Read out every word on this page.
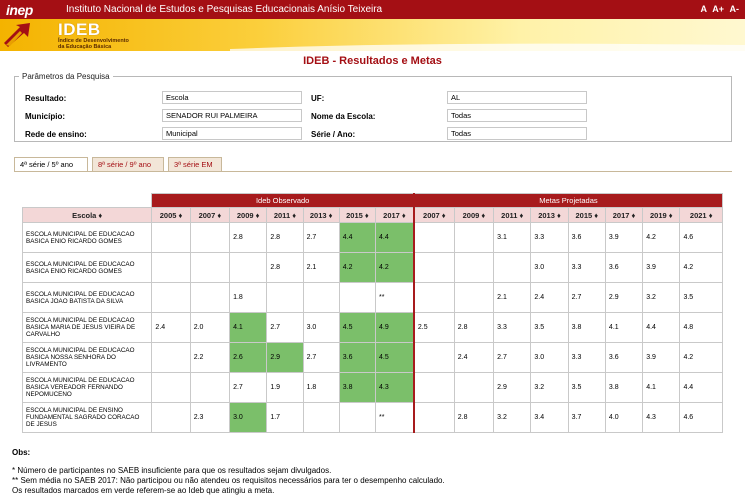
inep	Instituto Nacional de Estudos e Pesquisas Educacionais Anísio Teixeira	A A+ A-
IDEB
Índice de Desenvolvimento
da Educação Básica
IDEB - Resultados e Metas
Parâmetros da Pesquisa
Resultado:	Escola	UF:	AL
Município:	SENADOR RUI PALMEIRA	Nome da Escola:	Todas
Rede de ensino:	Municipal	Série / Ano:	Todas
4ª série / 5º ano	8ª série / 9º ano	3ª série EM
	Ideb Observado							Metas Projetadas							
Escola ♦	2005 ♦	2007 ♦	2009 ♦	2011 ♦	2013 ♦	2015 ♦	2017 ♦	2007 ♦	2009 ♦	2011 ♦	2013 ♦	2015 ♦	2017 ♦	2019 ♦	2021 ♦
ESCOLA MUNICIPAL DE EDUCACAO BASICA ENIO RICARDO GOMES			2.8	2.8	2.7	4.4	4.4			3.1	3.3	3.6	3.9	4.2	4.6
ESCOLA MUNICIPAL DE EDUCACAO BASICA ENIO RICARDO GOMES				2.8	2.1	4.2	4.2				3.0	3.3	3.6	3.9	4.2
ESCOLA MUNICIPAL DE EDUCACAO BASICA JOAO BATISTA DA SILVA			1.8				**			2.1	2.4	2.7	2.9	3.2	3.5
ESCOLA MUNICIPAL DE EDUCACAO BASICA MARIA DE JESUS VIEIRA DE CARVALHO	2.4	2.0	4.1	2.7	3.0	4.5	4.9	2.5	2.8	3.3	3.5	3.8	4.1	4.4	4.8
ESCOLA MUNICIPAL DE EDUCACAO BASICA NOSSA SENHORA DO LIVRAMENTO		2.2	2.6	2.9	2.7	3.6	4.5		2.4	2.7	3.0	3.3	3.6	3.9	4.2
ESCOLA MUNICIPAL DE EDUCACAO BASICA VEREADOR FERNANDO NEPOMUCENO			2.7	1.9	1.8	3.8	4.3			2.9	3.2	3.5	3.8	4.1	4.4
ESCOLA MUNICIPAL DE ENSINO FUNDAMENTAL SAGRADO CORACAO DE JESUS		2.3	3.0	1.7			**		2.8	3.2	3.4	3.7	4.0	4.3	4.6
Obs:
* Número de participantes no SAEB insuficiente para que os resultados sejam divulgados.
** Sem média no SAEB 2017: Não participou ou não atendeu os requisitos necessários para ter o desempenho calculado.
Os resultados marcados em verde referem-se ao Ideb que atingiu a meta.
